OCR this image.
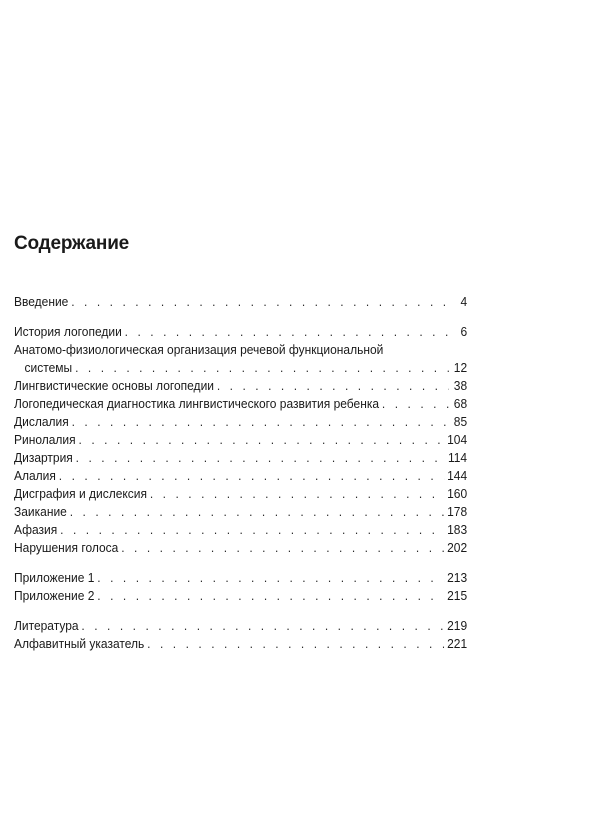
Содержание
Введение . . .	4
История логопедии . . .	6
Анатомо-физиологическая организация речевой функциональной
системы . . .	12
Лингвистические основы логопедии . . .	38
Логопедическая диагностика лингвистического развития ребенка . . .	68
Дислалия . . .	85
Ринолалия . . .	104
Дизартрия . . .	114
Алалия . . .	144
Дисграфия и дислексия . . .	160
Заикание . . .	178
Афазия . . .	183
Нарушения голоса . . .	202
Приложение 1 . . .	213
Приложение 2 . . .	215
Литература . . .	219
Алфавитный указатель . . .	221
